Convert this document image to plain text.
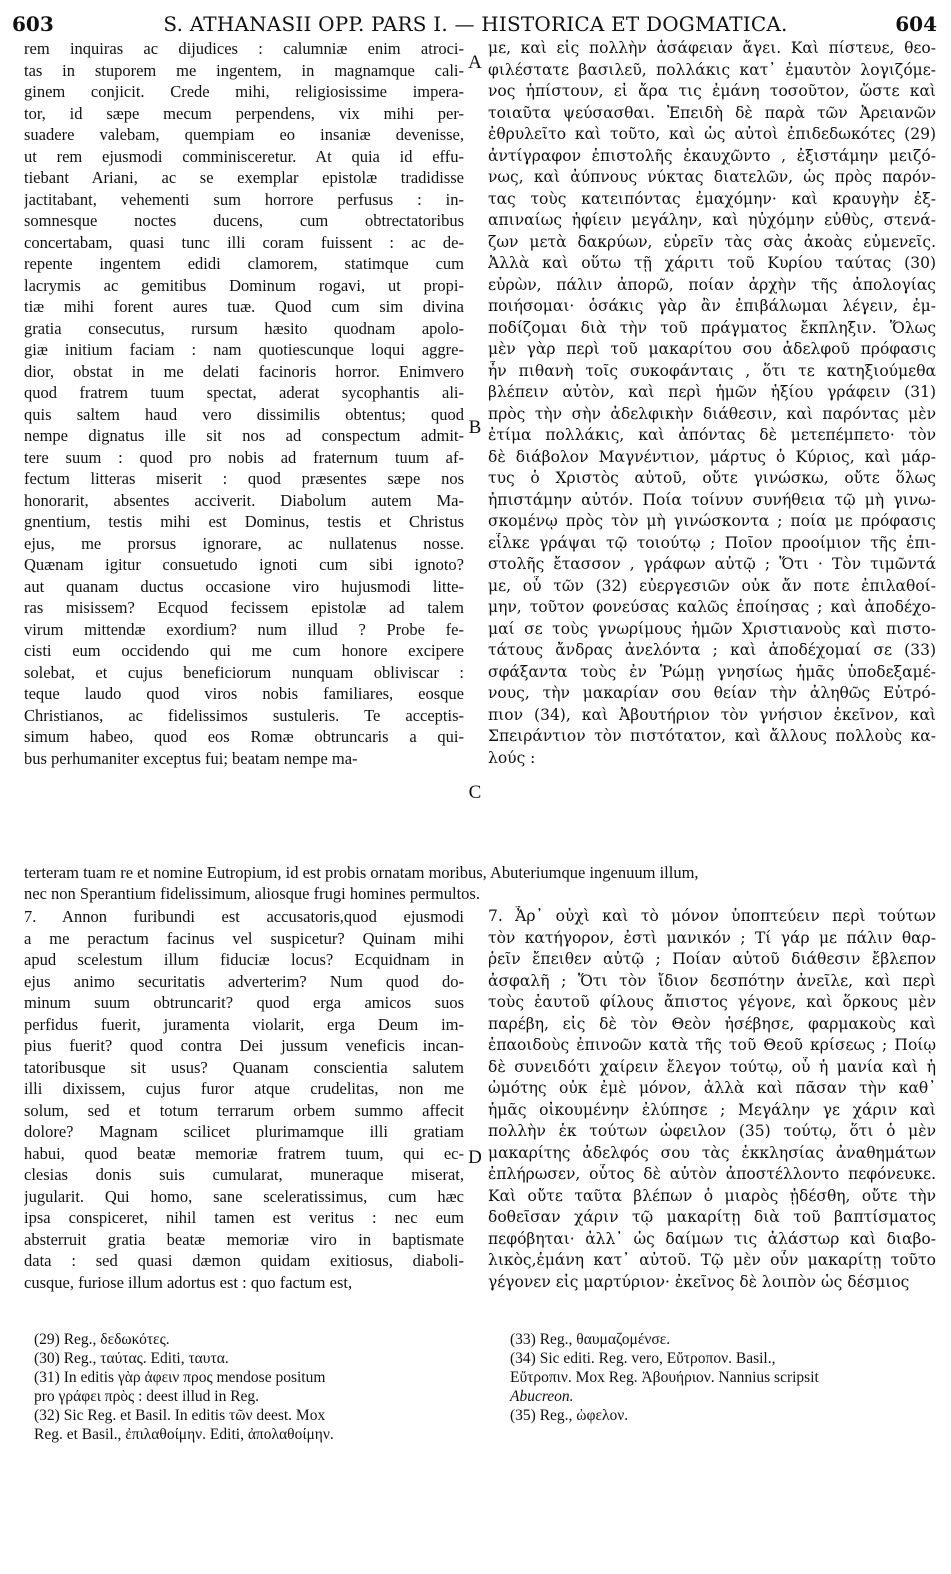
603	S. ATHANASII OPP. PARS I. — HISTORICA ET DOGMATICA.	604
rem inquiras ac dijudices : calumniæ enim atroci-
tas in stuporem me ingentem, in magnamque cali-
ginem conjicit. Crede mihi, religiosissime impera-
tor, id sæpe mecum perpendens, vix mihi per-
suadere valebam, quempiam eo insaniæ devenisse,
ut rem ejusmodi comminisceretur. At quia id effu-
tiebant Ariani, ac se exemplar epistolæ tradidisse
jactitabant, vehementi sum horrore perfusus : in-
somnesque noctes ducens, cum obtrectatoribus
concertabam, quasi tunc illi coram fuissent : ac de-
repente ingentem edidi clamorem, statimque cum
lacrymis ac gemitibus Dominum rogavi, ut propi-
tiæ mihi forent aures tuæ. Quod cum sim divina
gratia consecutus, rursum hæsito quodnam apolo-
giæ initium faciam : nam quotiescunque loqui aggre-
dior, obstat in me delati facinoris horror. Enimvero
quod fratrem tuum spectat, aderat sycophantis ali-
quis saltem haud vero dissimilis obtentus; quod
nempe dignatus ille sit nos ad conspectum admit-
tere suum : quod pro nobis ad fraternum tuum af-
fectum litteras miserit : quod præsentes sæpe nos
honorarit, absentes acciverit. Diabolum autem Ma-
gnentium, testis mihi est Dominus, testis et Christus
ejus, me prorsus ignorare, ac nullatenus nosse.
Quænam igitur consuetudo ignoti cum sibi ignoto?
aut quanam ductus occasione viro hujusmodi litte-
ras misissem? Ecquod fecissem epistolæ ad talem
virum mittendæ exordium? num illud ? Probe fe-
cisti eum occidendo qui me cum honore excipere
solebat, et cujus beneficiorum nunquam obliviscar :
teque laudo quod viros nobis familiares, eosque
Christianos, ac fidelissimos sustuleris. Te acceptis-
simum habeo, quod eos Romæ obtruncaris a qui-
bus perhumaniter exceptus fui; beatam nempe ma-
με, καὶ εἰς πολλὴν ἀσάφειαν ἄγει. Καὶ πίστευε, θεο-
φιλέστατε βασιλεῦ, πολλάκις κατ᾽ ἐμαυτὸν λογιζόμε-
νος ἠπίστουν, εἰ ἄρα τις ἐμάνη τοσοῦτον, ὥστε καὶ
τοιαῦτα ψεύσασθαι. Ἐπειδὴ δὲ παρὰ τῶν Ἀρειανῶν
ἐθρυλεῖτο καὶ τοῦτο, καὶ ὡς αὐτοὶ ἐπιδεδωκότες (29)
ἀντίγραφον ἐπιστολῆς ἐκαυχῶντο , ἐξιστάμην μειζό-
νως, καὶ ἀύπνους νύκτας διατελῶν, ὡς πρὸς παρόν-
τας τοὺς κατειπόντας ἐμαχόμην· καὶ κραυγὴν ἐξ-
απιναίως ἠφίειν μεγάλην, καὶ ηὐχόμην εὐθὺς, στενά-
ζων μετὰ δακρύων, εὑρεῖν τὰς σὰς ἀκοὰς εὐμενεῖς.
Ἀλλὰ καὶ οὕτω τῇ χάριτι τοῦ Κυρίου ταύτας (30)
εὑρὼν, πάλιν ἀπορῶ, ποίαν ἀρχὴν τῆς ἀπολογίας
ποιήσομαι· ὁσάκις γὰρ ἂν ἐπιβάλωμαι λέγειν, ἐμ-
ποδίζομαι διὰ τὴν τοῦ πράγματος ἔκπληξιν. Ὅλως
μὲν γὰρ περὶ τοῦ μακαρίτου σου ἀδελφοῦ πρόφασις
ἦν πιθανὴ τοῖς συκοφάνταις , ὅτι τε κατηξιούμεθα
βλέπειν αὐτὸν, καὶ περὶ ἡμῶν ἠξίου γράφειν (31)
πρὸς τὴν σὴν ἀδελφικὴν διάθεσιν, καὶ παρόντας μὲν
ἐτίμα πολλάκις, καὶ ἀπόντας δὲ μετεπέμπετο· τὸν
δὲ διάβολον Μαγνέντιον, μάρτυς ὁ Κύριος, καὶ μάρ-
τυς ὁ Χριστὸς αὐτοῦ, οὔτε γινώσκω, οὔτε ὅλως
ἠπιστάμην αὐτόν. Ποία τοίνυν συνήθεια τῷ μὴ γινω-
σκομένῳ πρὸς τὸν μὴ γινώσκοντα ; ποία με πρόφασις
εἷλκε γράψαι τῷ τοιούτῳ ; Ποῖον προοίμιον τῆς ἐπι-
στολῆς ἔτασσον , γράφων αὐτῷ ; Ὅτι · Τὸν τιμῶντά
με, οὗ τῶν (32) εὐεργεσιῶν οὐκ ἄν ποτε ἐπιλαθοί-
μην, τοῦτον φονεύσας καλῶς ἐποίησας ; καὶ ἀποδέχο-
μαί σε τοὺς γνωρίμους ἡμῶν Χριστιανοὺς καὶ πιστο-
τάτους ἄνδρας ἀνελόντα ; καὶ ἀποδέχομαί σε (33)
σφάξαντα τοὺς ἐν Ῥώμῃ γνησίως ἡμᾶς ὑποδεξαμέ-
νους, τὴν μακαρίαν σου θείαν τὴν ἀληθῶς Εὐτρό-
πιον (34), καὶ Ἀβουτήριον τὸν γνήσιον ἐκεῖνον, καὶ
Σπειράντιον τὸν πιστότατον, καὶ ἄλλους πολλοὺς κα-
λούς :
A
B
C
D
terteram tuam re et nomine Eutropium, id est probis ornatam moribus, Abuteriumque ingenuum illum,
nec non Sperantium fidelissimum, aliosque frugi homines permultos.
7. Annon furibundi est accusatoris,quod ejusmodi
a me peractum facinus vel suspicetur? Quinam mihi
apud scelestum illum fiduciæ locus? Ecquidnam in
ejus animo securitatis adverterim? Num quod do-
minum suum obtruncarit? quod erga amicos suos
perfidus fuerit, juramenta violarit, erga Deum im-
pius fuerit? quod contra Dei jussum veneficis incan-
tatoribusque sit usus? Quanam conscientia salutem
illi dixissem, cujus furor atque crudelitas, non me
solum, sed et totum terrarum orbem summo affecit
dolore? Magnam scilicet plurimamque illi gratiam
habui, quod beatæ memoriæ fratrem tuum, qui ec-
clesias donis suis cumularat, muneraque miserat,
jugularit. Qui homo, sane sceleratissimus, cum hæc
ipsa conspiceret, nihil tamen est veritus : nec eum
absterruit gratia beatæ memoriæ viro in baptismate
data : sed quasi dæmon quidam exitiosus, diaboli-
cusque, furiose illum adortus est : quo factum est,
7. Ἆρ᾽ οὐχὶ καὶ τὸ μόνον ὑποπτεύειν περὶ τούτων
τὸν κατήγορον, ἐστὶ μανικόν ; Τί γάρ με πάλιν θαρ-
ῥεῖν ἔπειθεν αὐτῷ ; Ποίαν αὐτοῦ διάθεσιν ἔβλεπον
ἀσφαλῆ ; Ὅτι τὸν ἴδιον δεσπότην ἀνεῖλε, καὶ περὶ
τοὺς ἑαυτοῦ φίλους ἄπιστος γέγονε, καὶ ὅρκους μὲν
παρέβη, εἰς δὲ τὸν Θεὸν ἠσέβησε, φαρμακοὺς καὶ
ἐπαοιδοὺς ἐπινοῶν κατὰ τῆς τοῦ Θεοῦ κρίσεως ; Ποίῳ
δὲ συνειδότι χαίρειν ἔλεγον τούτῳ, οὗ ἡ μανία καὶ ἡ
ὠμότης οὐκ ἐμὲ μόνον, ἀλλὰ καὶ πᾶσαν τὴν καθ᾽
ἡμᾶς οἰκουμένην ἐλύπησε ; Μεγάλην γε χάριν καὶ
πολλὴν ἐκ τούτων ὠφειλον (35) τούτῳ, ὅτι ὁ μὲν
μακαρίτης ἀδελφός σου τὰς ἐκκλησίας ἀναθημάτων
ἐπλήρωσεν, οὗτος δὲ αὐτὸν ἀποστέλλοντο πεφόνευκε.
Καὶ οὔτε ταῦτα βλέπων ὁ μιαρὸς ᾐδέσθη, οὔτε τὴν
δοθεῖσαν χάριν τῷ μακαρίτῃ διὰ τοῦ βαπτίσματος
πεφόβηται· ἀλλ᾽ ὡς δαίμων τις ἀλάστωρ καὶ διαβο-
λικὸς,ἐμάνη κατ᾽ αὐτοῦ. Τῷ μὲν οὖν μακαρίτῃ τοῦτο
γέγονεν εἰς μαρτύριον· ἐκεῖνος δὲ λοιπὸν ὡς δέσμιος
(29) Reg., δεδωκότες.
(30) Reg., ταύτας. Editi, ταυτα.
(31) In editis γὰρ ἀφειν προς mendose positum
pro γράφει πρὸς : deest illud in Reg.
(32) Sic Reg. et Basil. In editis τῶν deest. Mox
Reg. et Basil., ἐπιλαθοίμην. Editi, ἀπολαθοίμην.
(33) Reg., θαυμαζομένσε.
(34) Sic editi. Reg. vero, Εὔτροπον. Basil.,
Εὔτροπιν. Mox Reg. Ἀβουήριον. Nannius scripsit
Abucreon.
(35) Reg., ὠφελον.
